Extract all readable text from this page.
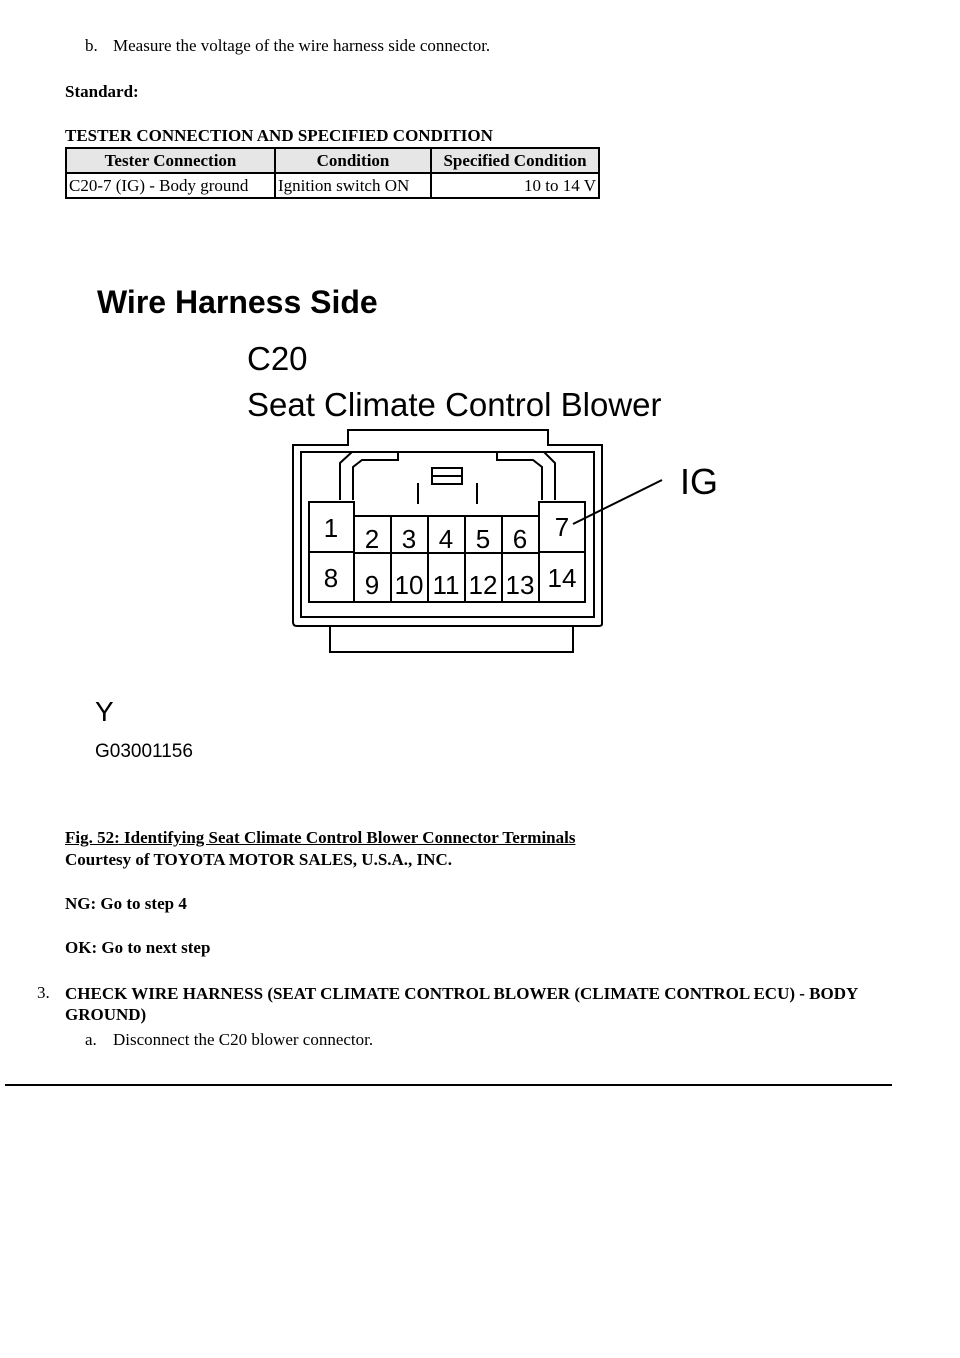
b. Measure the voltage of the wire harness side connector.
Standard:
TESTER CONNECTION AND SPECIFIED CONDITION
Tester Connection	Condition	Specified Condition
C20-7 (IG) - Body ground	Ignition switch ON	10 to 14 V
Wire Harness Side
C20
Seat Climate Control Blower
1 2 3 4 5 6 7
8 9 10 11 12 13 14
IG
Y
G03001156
Fig. 52: Identifying Seat Climate Control Blower Connector Terminals
Courtesy of TOYOTA MOTOR SALES, U.S.A., INC.
NG: Go to step 4
OK: Go to next step
3. CHECK WIRE HARNESS (SEAT CLIMATE CONTROL BLOWER (CLIMATE CONTROL ECU) - BODY GROUND)
a. Disconnect the C20 blower connector.
